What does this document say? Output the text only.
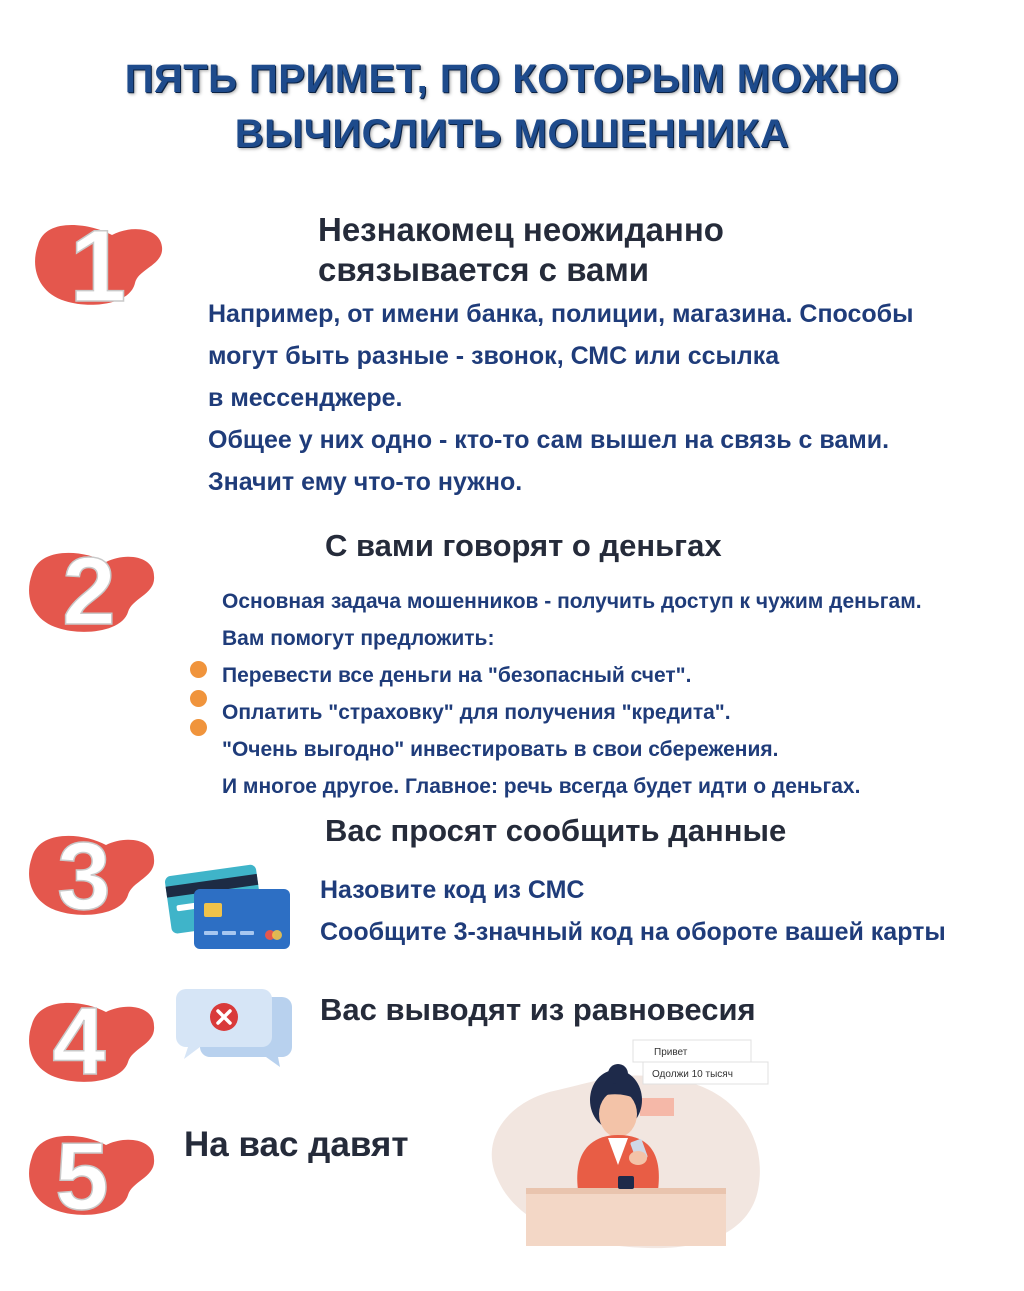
ПЯТЬ ПРИМЕТ, ПО КОТОРЫМ МОЖНО
ВЫЧИСЛИТЬ МОШЕННИКА
1	Незнакомец неожиданно
связывается с вами
Например, от имени банка, полиции, магазина. Способы
могут быть разные - звонок, СМС или ссылка
в мессенджере.
Общее у них одно - кто-то сам вышел на связь с вами.
Значит ему что-то нужно.
2	С вами говорят о деньгах
Основная задача мошенников - получить доступ к чужим деньгам.
Вам помогут предложить:
Перевести все деньги на "безопасный счет".
Оплатить "страховку" для получения "кредита".
"Очень выгодно" инвестировать в свои сбережения.
И многое другое. Главное: речь всегда будет идти о деньгах.
3	Вас просят сообщить данные
Назовите код из СМС
Сообщите 3-значный код на обороте вашей карты
4	Вас выводят из равновесия
5 На вас давят
Привет
Одолжи 10 тысяч
